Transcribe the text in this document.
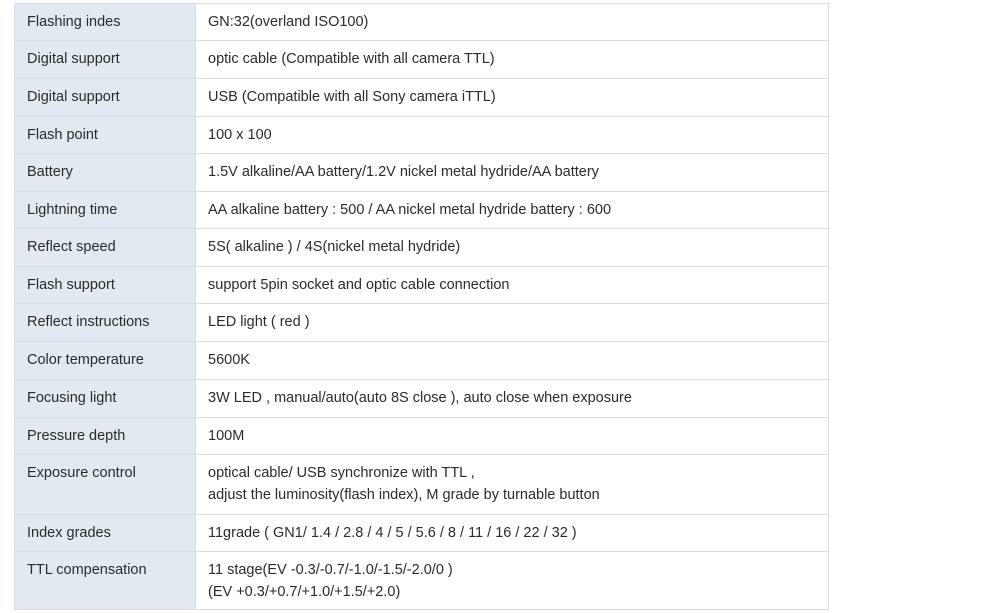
Flashing indes	GN:32(overland ISO100)
Digital support	optic cable (Compatible with all camera TTL)
Digital support	USB (Compatible with all Sony camera iTTL)
Flash point	100 x 100
Battery	1.5V alkaline/AA battery/1.2V nickel metal hydride/AA battery
Lightning time	AA alkaline battery : 500 / AA nickel metal hydride battery : 600
Reflect speed	5S( alkaline ) / 4S(nickel metal hydride)
Flash support	support 5pin socket and optic cable connection
Reflect instructions	LED light ( red )
Color temperature	5600K
Focusing light	3W LED , manual/auto(auto 8S close ), auto close when exposure
Pressure depth	100M
Exposure control	optical cable/ USB synchronize with TTL ,
adjust the luminosity(flash index), M grade by turnable button
Index grades	11grade ( GN1/ 1.4 / 2.8 / 4 / 5 / 5.6 / 8 / 11 / 16 / 22 / 32 )
TTL compensation	11 stage(EV -0.3/-0.7/-1.0/-1.5/-2.0/0 )
(EV +0.3/+0.7/+1.0/+1.5/+2.0)
